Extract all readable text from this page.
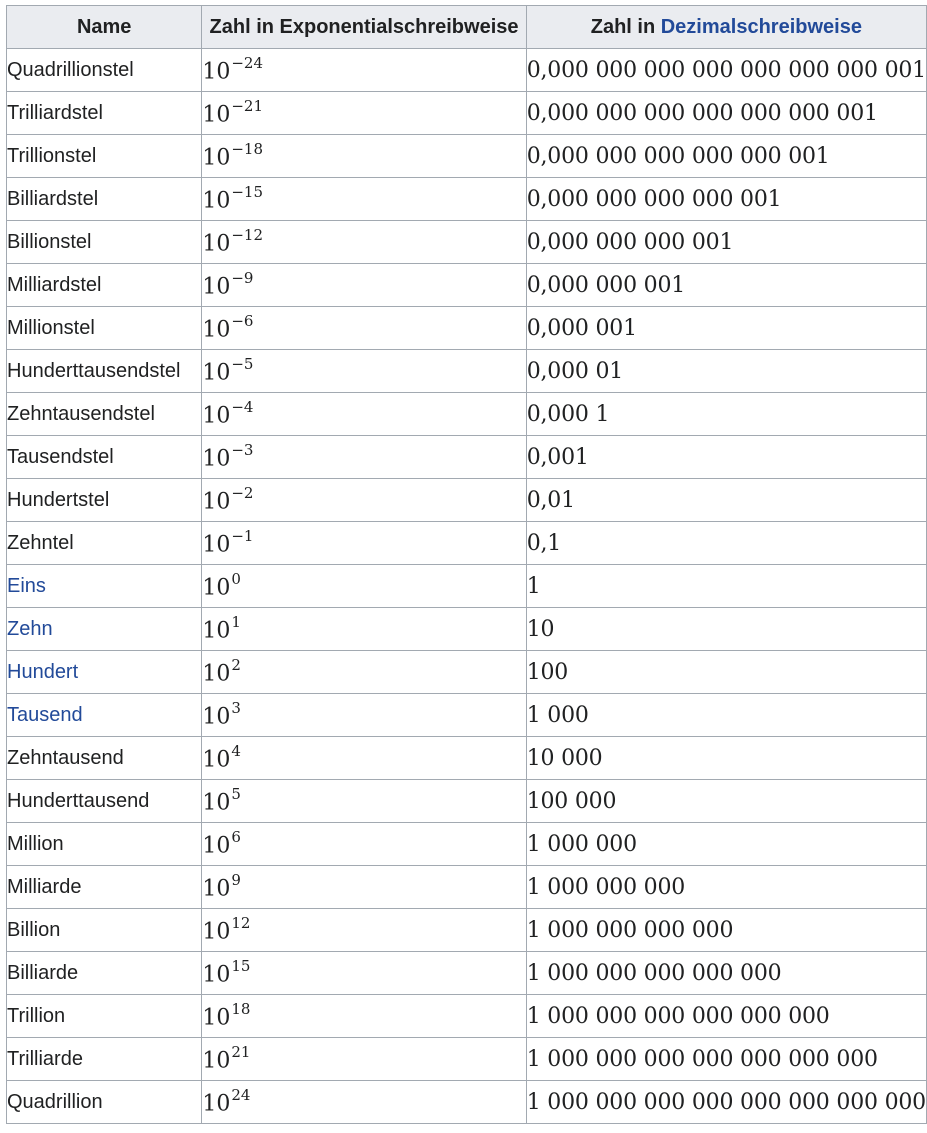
Name	Zahl in Exponentialschreibweise	Zahl in Dezimalschreibweise
Quadrillionstel	$10^{-24}$	0,000 000 000 000 000 000 000 001
Trilliardstel	$10^{-21}$	0,000 000 000 000 000 000 001
Trillionstel	$10^{-18}$	0,000 000 000 000 000 001
Billiardstel	$10^{-15}$	0,000 000 000 000 001
Billionstel	$10^{-12}$	0,000 000 000 001
Milliardstel	$10^{-9}$	0,000 000 001
Millionstel	$10^{-6}$	0,000 001
Hunderttausendstel	$10^{-5}$	0,000 01
Zehntausendstel	$10^{-4}$	0,000 1
Tausendstel	$10^{-3}$	0,001
Hundertstel	$10^{-2}$	0,01
Zehntel	$10^{-1}$	0,1
Eins	$10^0$	1
Zehn	$10^1$	10
Hundert	$10^2$	100
Tausend	$10^3$	1 000
Zehntausend	$10^4$	10 000
Hunderttausend	$10^5$	100 000
Million	$10^6$	1 000 000
Milliarde	$10^9$	1 000 000 000
Billion	$10^{12}$	1 000 000 000 000
Billiarde	$10^{15}$	1 000 000 000 000 000
Trillion	$10^{18}$	1 000 000 000 000 000 000
Trilliarde	$10^{21}$	1 000 000 000 000 000 000 000
Quadrillion	$10^{24}$	1 000 000 000 000 000 000 000 000
